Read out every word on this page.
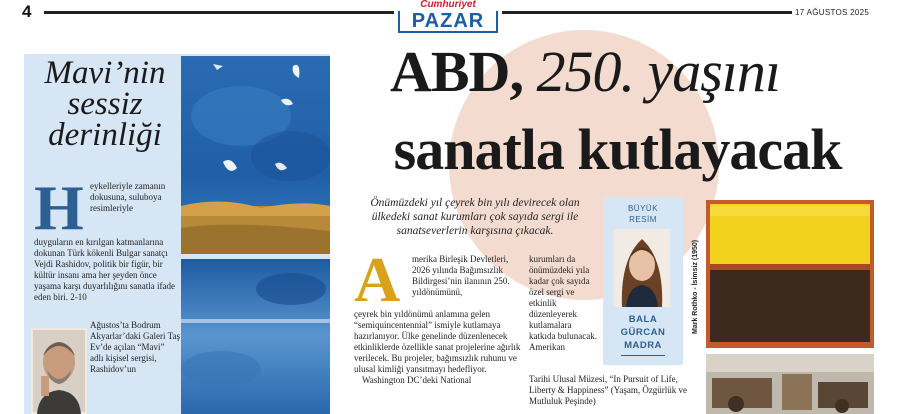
4	Cumhuriyet
PAZAR	17 AĞUSTOS 2025
Mavi’nin
sessiz
derinliği
H eykelleriyle zamanın dokusuna, suluboya resimleriyle
duyguların en kırılgan katmanlarına dokunan Türk kökenli Bulgar sanatçı Vejdi Rashidov, politik bir figür, bir kültür insanı ama her şeyden önce yaşama karşı duyarlılığını sanatla ifade eden biri. 2-10
Ağustos’ta Bodrum Akyarlar’daki Galeri Taş Ev’de açılan “Mavi” adlı kişisel sergisi, Rashidov’un
ABD, 250. yaşını
sanatla kutlayacak
Önümüzdeki yıl çeyrek bin yılı devirecek olan ülkedeki sanat kurumları çok sayıda sergi ile sanatseverlerin karşısına çıkacak.
A merika Birleşik Devletleri, 2026 yılında Bağımsızlık Bildirgesi’nin ilanının 250. yıldönümünü,
çeyrek bin yıldönümü anlamına gelen “semiquincentennial” ismiyle kutlamaya hazırlanıyor. Ülke genelinde düzenlenecek etkinliklerde özellikle sanat projelerine ağırlık verilecek. Bu projeler, bağımsızlık ruhunu ve ulusal kimliği yansıtmayı hedefliyor.
Washington DC’deki National
kurumları da önümüzdeki yıla kadar çok sayıda özel sergi ve etkinlik düzenleyerek kutlamalara katkıda bulunacak. Amerikan
Tarihi Ulusal Müzesi, “In Pursuit of Life, Liberty & Happiness” (Yaşam, Özgürlük ve Mutluluk Peşinde)
BÜYÜK
RESİM
BALA
GÜRCAN
MADRA
Mark Rothko - İsimsiz (1950)
